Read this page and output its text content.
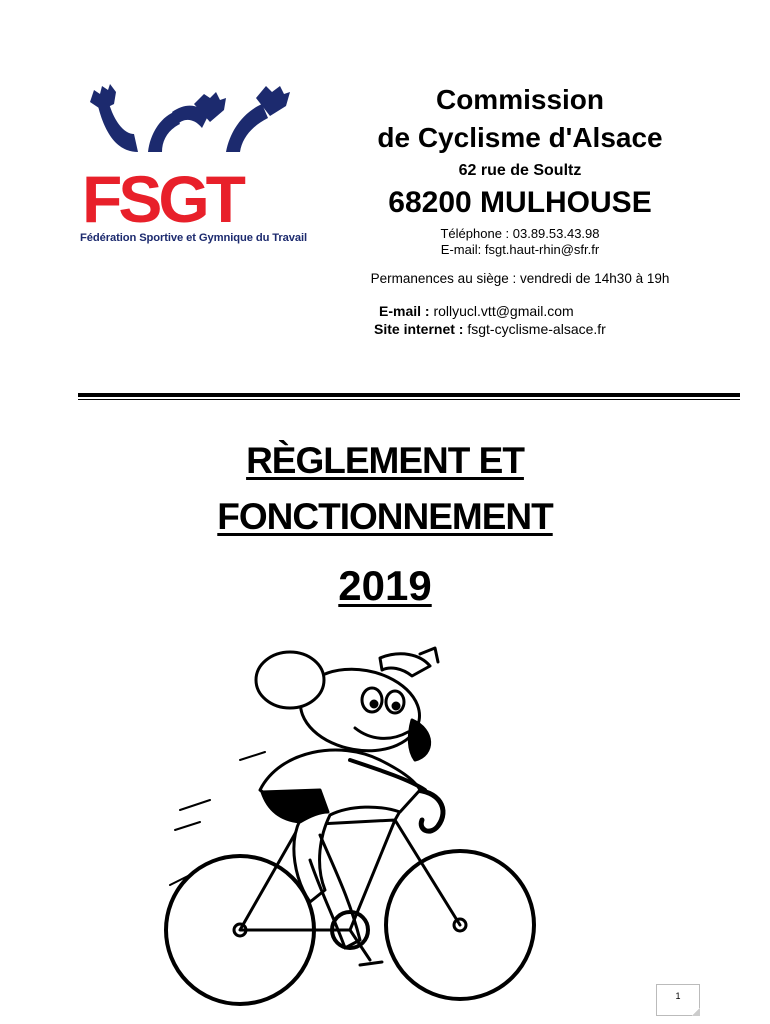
FSGT
Fédération Sportive et Gymnique du Travail
Commission
de Cyclisme d'Alsace
62 rue de Soultz
68200 MULHOUSE
Téléphone : 03.89.53.43.98
E-mail: fsgt.haut-rhin@sfr.fr
Permanences au siège : vendredi de 14h30 à 19h
E-mail : rollyucl.vtt@gmail.com
Site internet : fsgt-cyclisme-alsace.fr
RÈGLEMENT ET
FONCTIONNEMENT
2019
1
